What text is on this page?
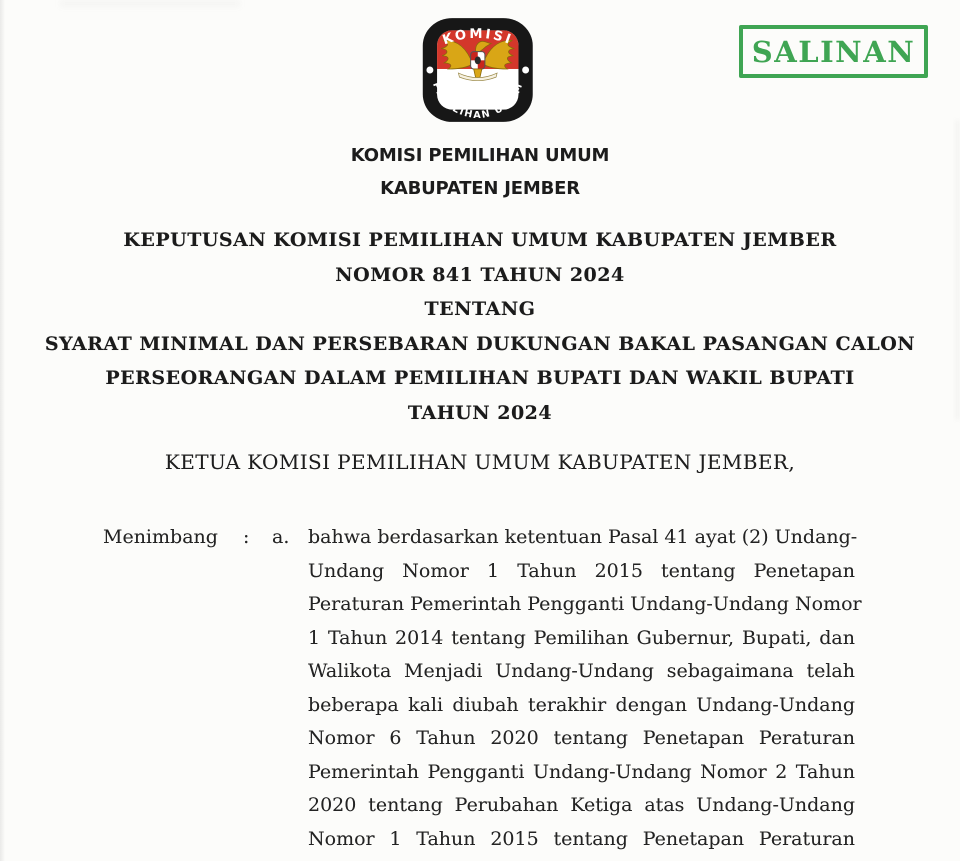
KOMISI
PEMILIHAN UMUM
SALINAN
KOMISI PEMILIHAN UMUM
KABUPATEN JEMBER
KEPUTUSAN KOMISI PEMILIHAN UMUM KABUPATEN JEMBER
NOMOR 841 TAHUN 2024
TENTANG
SYARAT MINIMAL DAN PERSEBARAN DUKUNGAN BAKAL PASANGAN CALON
PERSEORANGAN DALAM PEMILIHAN BUPATI DAN WAKIL BUPATI
TAHUN 2024
KETUA KOMISI PEMILIHAN UMUM KABUPATEN JEMBER,
Menimbang	:	a. bahwa berdasarkan ketentuan Pasal 41 ayat (2) Undang-
Undang Nomor 1 Tahun 2015 tentang Penetapan
Peraturan Pemerintah Pengganti Undang-Undang Nomor
1 Tahun 2014 tentang Pemilihan Gubernur, Bupati, dan
Walikota Menjadi Undang-Undang sebagaimana telah
beberapa kali diubah terakhir dengan Undang-Undang
Nomor 6 Tahun 2020 tentang Penetapan Peraturan
Pemerintah Pengganti Undang-Undang Nomor 2 Tahun
2020 tentang Perubahan Ketiga atas Undang-Undang
Nomor 1 Tahun 2015 tentang Penetapan Peraturan
